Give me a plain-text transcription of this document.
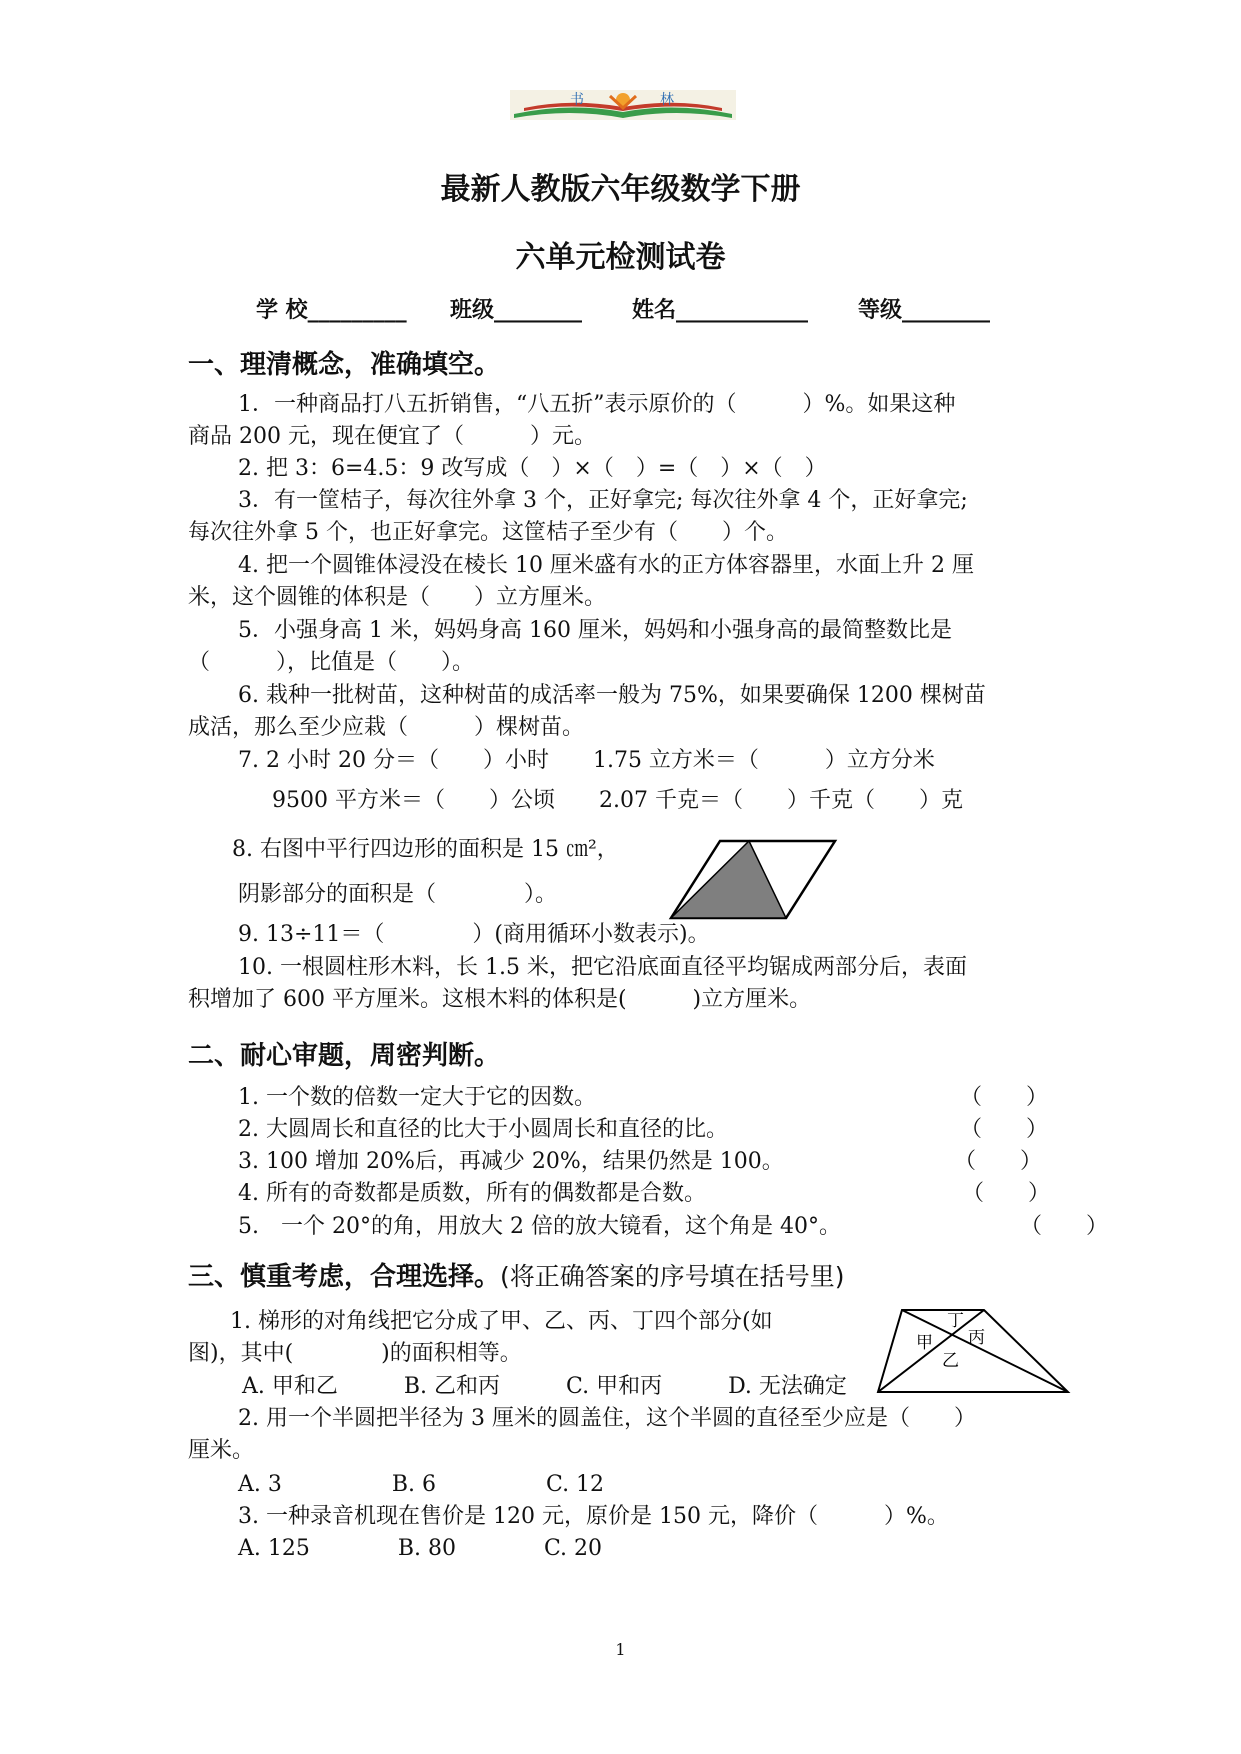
书	林
最新人教版六年级数学下册
六单元检测试卷
学 校_________ 班级________ 姓名____________ 等级________
一、理清概念，准确填空。
1．一种商品打八五折销售，“八五折”表示原价的（　　　）%。如果这种
商品 200 元，现在便宜了（　　　）元。
2. 把 3：6=4.5：9 改写成（　）×（　）=（　）×（　）
3．有一筐桔子，每次往外拿 3 个，正好拿完; 每次往外拿 4 个，正好拿完;
每次往外拿 5 个，也正好拿完。这筐桔子至少有（　　）个。
4. 把一个圆锥体浸没在棱长 10 厘米盛有水的正方体容器里，水面上升 2 厘
米，这个圆锥的体积是（　　）立方厘米。
5．小强身高 1 米，妈妈身高 160 厘米，妈妈和小强身高的最简整数比是
（　　　），比值是（　　）。
6. 栽种一批树苗，这种树苗的成活率一般为 75%，如果要确保 1200 棵树苗
成活，那么至少应栽（　　　）棵树苗。
7. 2 小时 20 分＝（　　）小时　　1.75 立方米＝（　　　）立方分米
9500 平方米＝（　　）公顷　　2.07 千克＝（　　）千克（　　）克
8. 右图中平行四边形的面积是 15 ㎝²，
阴影部分的面积是（　　　　）。
9. 13÷11＝（　　　　）(商用循环小数表示)。
10. 一根圆柱形木料，长 1.5 米，把它沿底面直径平均锯成两部分后，表面
积增加了 600 平方厘米。这根木料的体积是(　　　)立方厘米。
二、耐心审题，周密判断。
1. 一个数的倍数一定大于它的因数。	（　　）
2. 大圆周长和直径的比大于小圆周长和直径的比。	（　　）
3. 100 增加 20%后，再减少 20%，结果仍然是 100。	（　　）
4. 所有的奇数都是质数，所有的偶数都是合数。	（　　）
5.　一个 20°的角，用放大 2 倍的放大镜看，这个角是 40°。	（　　）
三、慎重考虑，合理选择。(将正确答案的序号填在括号里)
1. 梯形的对角线把它分成了甲、乙、丙、丁四个部分(如
图)，其中(　　　　)的面积相等。
A. 甲和乙　　　B. 乙和丙　　　C. 甲和丙　　　D. 无法确定
丁
甲 丙
乙
2. 用一个半圆把半径为 3 厘米的圆盖住，这个半圆的直径至少应是（　　）
厘米。
A. 3　　　　　B. 6　　　　　C. 12
3. 一种录音机现在售价是 120 元，原价是 150 元，降价（　　　）%。
A. 125　　　　B. 80　　　　C. 20
1
